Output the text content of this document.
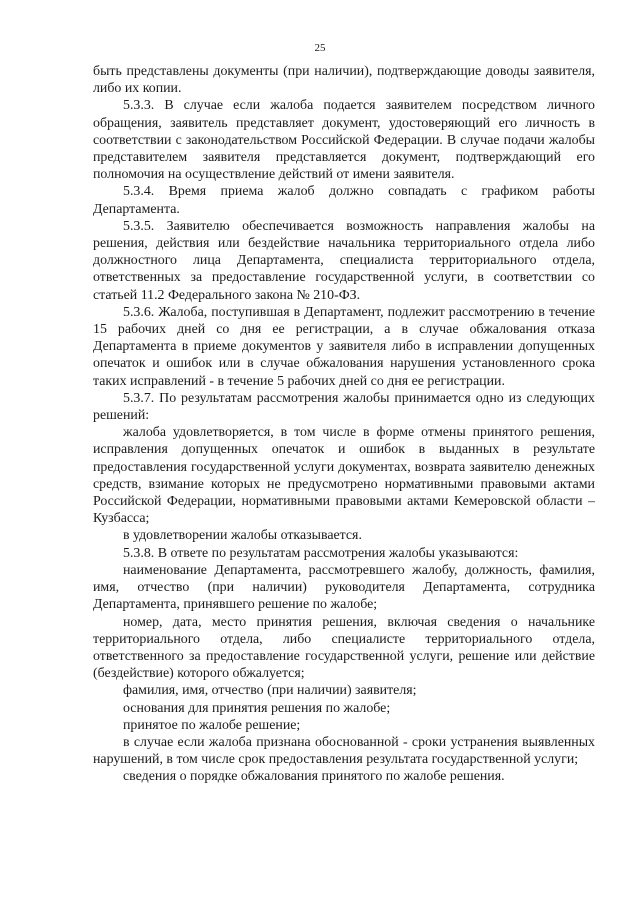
25

быть представлены документы (при наличии), подтверждающие доводы заявителя, либо их копии.

5.3.3. В случае если жалоба подается заявителем посредством личного обращения, заявитель представляет документ, удостоверяющий его личность в соответствии с законодательством Российской Федерации. В случае подачи жалобы представителем заявителя представляется документ, подтверждающий его полномочия на осуществление действий от имени заявителя.

5.3.4. Время приема жалоб должно совпадать с графиком работы Департамента.

5.3.5. Заявителю обеспечивается возможность направления жалобы на решения, действия или бездействие начальника территориального отдела либо должностного лица Департамента, специалиста территориального отдела, ответственных за предоставление государственной услуги, в соответствии со статьей 11.2 Федерального закона № 210-ФЗ.

5.3.6. Жалоба, поступившая в Департамент, подлежит рассмотрению в течение 15 рабочих дней со дня ее регистрации, а в случае обжалования отказа Департамента в приеме документов у заявителя либо в исправлении допущенных опечаток и ошибок или в случае обжалования нарушения установленного срока таких исправлений - в течение 5 рабочих дней со дня ее регистрации.

5.3.7. По результатам рассмотрения жалобы принимается одно из следующих решений:

жалоба удовлетворяется, в том числе в форме отмены принятого решения, исправления допущенных опечаток и ошибок в выданных в результате предоставления государственной услуги документах, возврата заявителю денежных средств, взимание которых не предусмотрено нормативными правовыми актами Российской Федерации, нормативными правовыми актами Кемеровской области – Кузбасса;

в удовлетворении жалобы отказывается.

5.3.8. В ответе по результатам рассмотрения жалобы указываются:

наименование Департамента, рассмотревшего жалобу, должность, фамилия, имя, отчество (при наличии) руководителя Департамента, сотрудника Департамента, принявшего решение по жалобе;

номер, дата, место принятия решения, включая сведения о начальнике территориального отдела, либо специалисте территориального отдела, ответственного за предоставление государственной услуги, решение или действие (бездействие) которого обжалуется;

фамилия, имя, отчество (при наличии) заявителя;

основания для принятия решения по жалобе;

принятое по жалобе решение;

в случае если жалоба признана обоснованной - сроки устранения выявленных нарушений, в том числе срок предоставления результата государственной услуги;

сведения о порядке обжалования принятого по жалобе решения.
